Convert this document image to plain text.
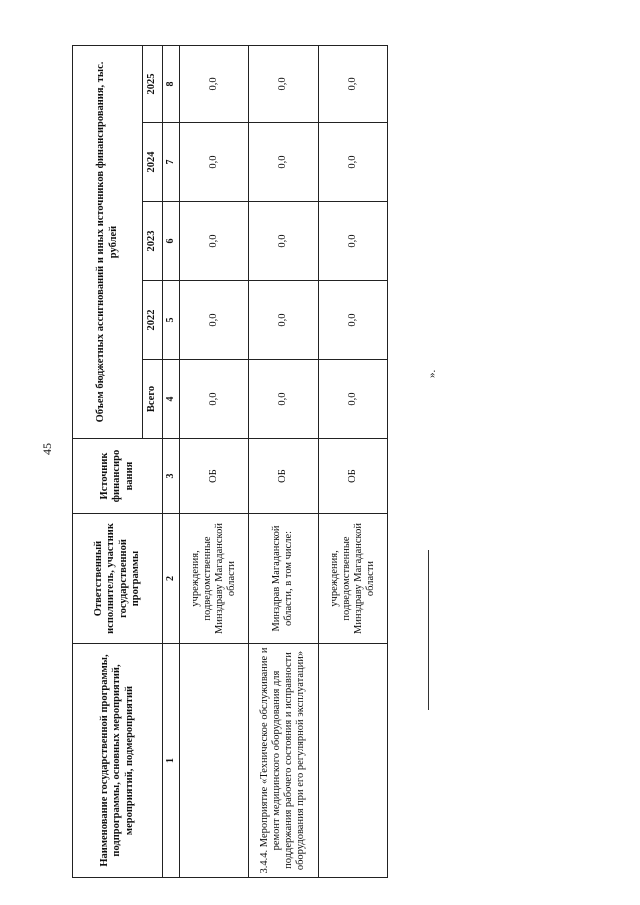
45
Наименование государственной программы, подпрограммы, основных мероприятий, мероприятий, подмероприятий	Ответственный исполнитель, участник государственной программы	Источник финансиро вания	Объем бюджетных ассигнований и иных источников финансирования, тыс. рублей				
			Всего	2022	2023	2024	2025
1	2	3	4	5	6	7	8
	учреждения, подведомственные Минздраву Магаданской области	ОБ	0,0	0,0	0,0	0,0	0,0
3.4.4. Мероприятие «Техническое обслуживание и ремонт медицинского оборудования для поддержания рабочего состояния и исправности оборудования при его регулярной эксплуатации»	Минздрав Магаданской области, в том числе:	ОБ	0,0	0,0	0,0	0,0	0,0
	учреждения, подведомственные Минздраву Магаданской области	ОБ	0,0	0,0	0,0	0,0	0,0
».
